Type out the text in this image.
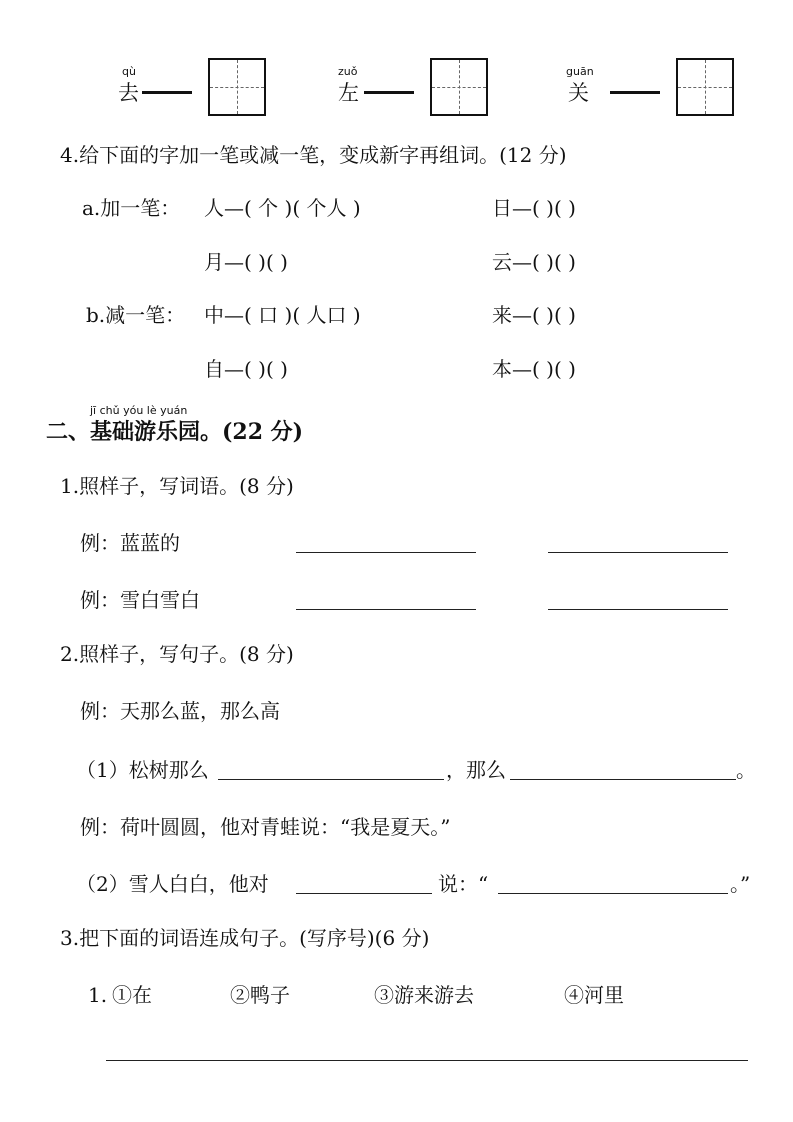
qù
去
zuǒ
左
guān
关
4.给下面的字加一笔或减一笔，变成新字再组词。(12 分)
a.加一笔： 人—( 个 )( 个人 )	日—( )( )
月—( )( )	云—( )( )
b.减一笔： 中—( 口 )( 人口 )	来—( )( )
自—( )( )	本—( )( )
jī chǔ yóu lè yuán
二、基础游乐园。(22 分)
1.照样子，写词语。(8 分)
例：蓝蓝的
例：雪白雪白
2.照样子，写句子。(8 分)
例：天那么蓝，那么高
（1）松树那么	，那么	。
例：荷叶圆圆，他对青蛙说：“我是夏天。”
（2）雪人白白，他对	说：“	。”
3.把下面的词语连成句子。(写序号)(6 分)
1. ①在	②鸭子	③游来游去	④河里
